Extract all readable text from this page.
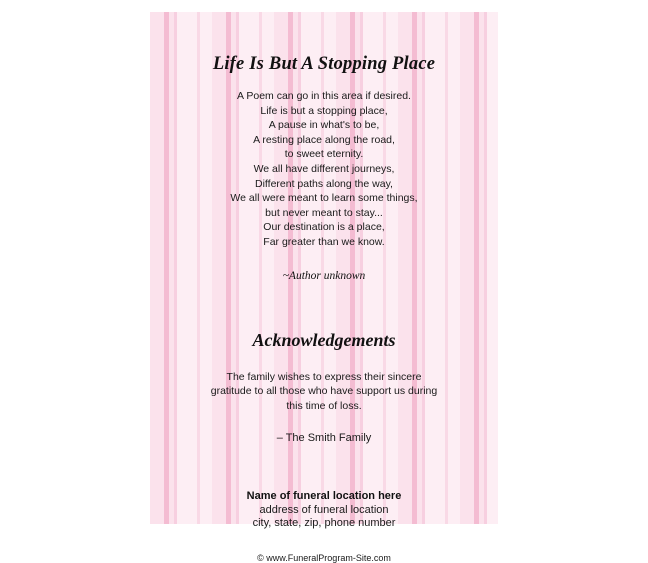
Life Is But A Stopping Place

A Poem can go in this area if desired.
Life is but a stopping place,
A pause in what's to be,
A resting place along the road,
to sweet eternity.
We all have different journeys,
Different paths along the way,
We all were meant to learn some things,
but never meant to stay...
Our destination is a place,
Far greater than we know.

~Author unknown

Acknowledgements

The family wishes to express their sincere
gratitude to all those who have support us during
this time of loss.

– The Smith Family

Name of funeral location here

address of funeral location

city, state, zip, phone number

© www.FuneralProgram-Site.com
